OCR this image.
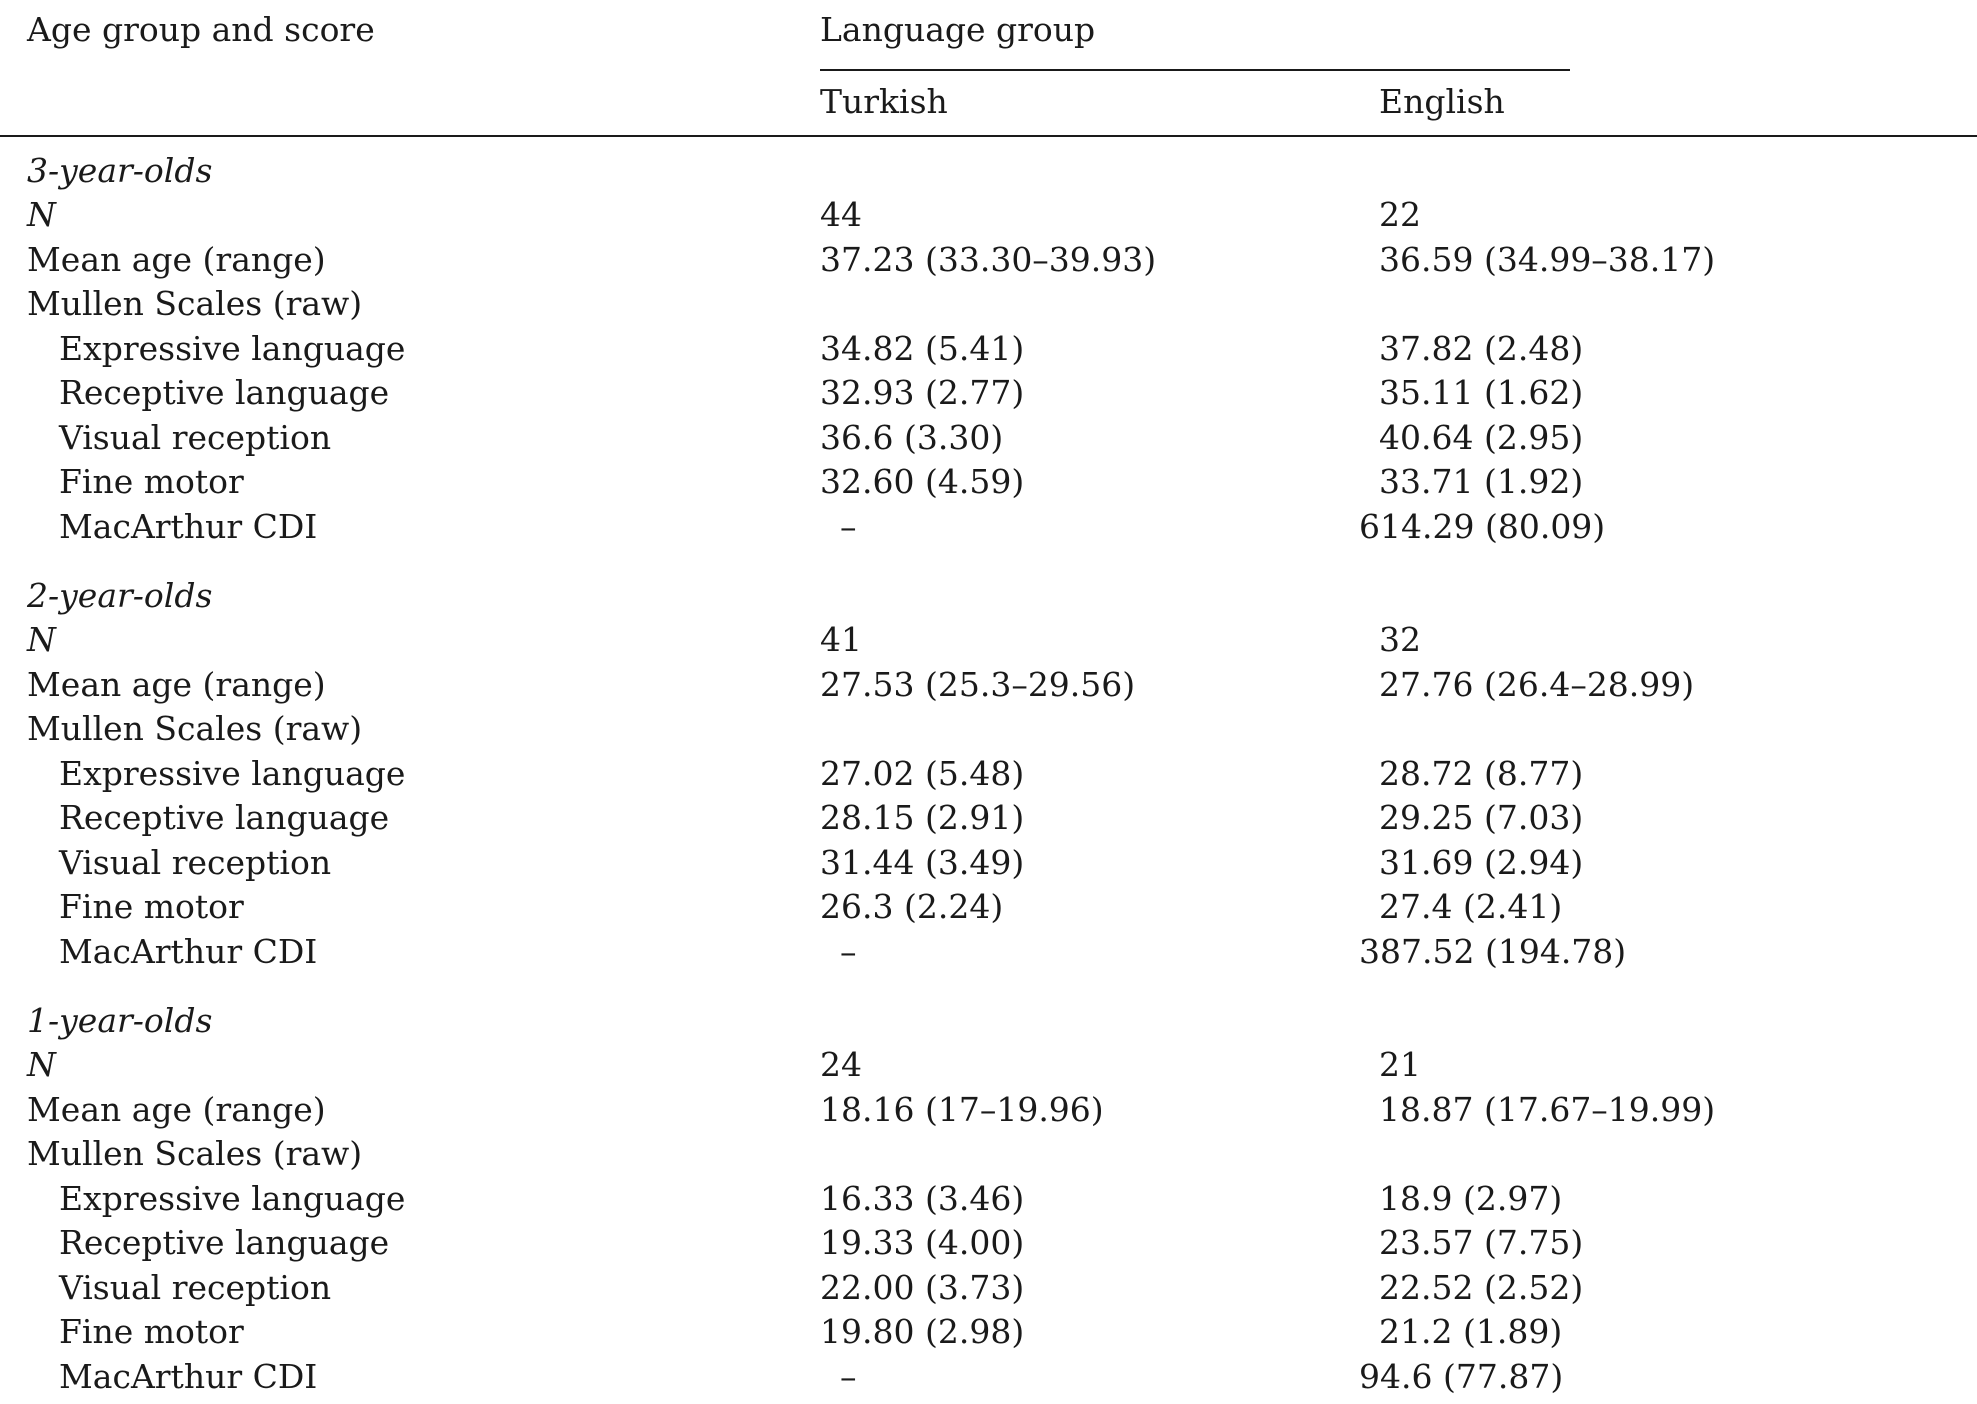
Age group and score	Language group
Turkish	English
3-year-olds
N	44	22
Mean age (range)	37.23 (33.30–39.93)	36.59 (34.99–38.17)
Mullen Scales (raw)
Expressive language	34.82 (5.41)	37.82 (2.48)
Receptive language	32.93 (2.77)	35.11 (1.62)
Visual reception	36.6 (3.30)	40.64 (2.95)
Fine motor	32.60 (4.59)	33.71 (1.92)
MacArthur CDI	–	614.29 (80.09)
2-year-olds
N	41	32
Mean age (range)	27.53 (25.3–29.56)	27.76 (26.4–28.99)
Mullen Scales (raw)
Expressive language	27.02 (5.48)	28.72 (8.77)
Receptive language	28.15 (2.91)	29.25 (7.03)
Visual reception	31.44 (3.49)	31.69 (2.94)
Fine motor	26.3 (2.24)	27.4 (2.41)
MacArthur CDI	–	387.52 (194.78)
1-year-olds
N	24	21
Mean age (range)	18.16 (17–19.96)	18.87 (17.67–19.99)
Mullen Scales (raw)
Expressive language	16.33 (3.46)	18.9 (2.97)
Receptive language	19.33 (4.00)	23.57 (7.75)
Visual reception	22.00 (3.73)	22.52 (2.52)
Fine motor	19.80 (2.98)	21.2 (1.89)
MacArthur CDI	–	94.6 (77.87)
